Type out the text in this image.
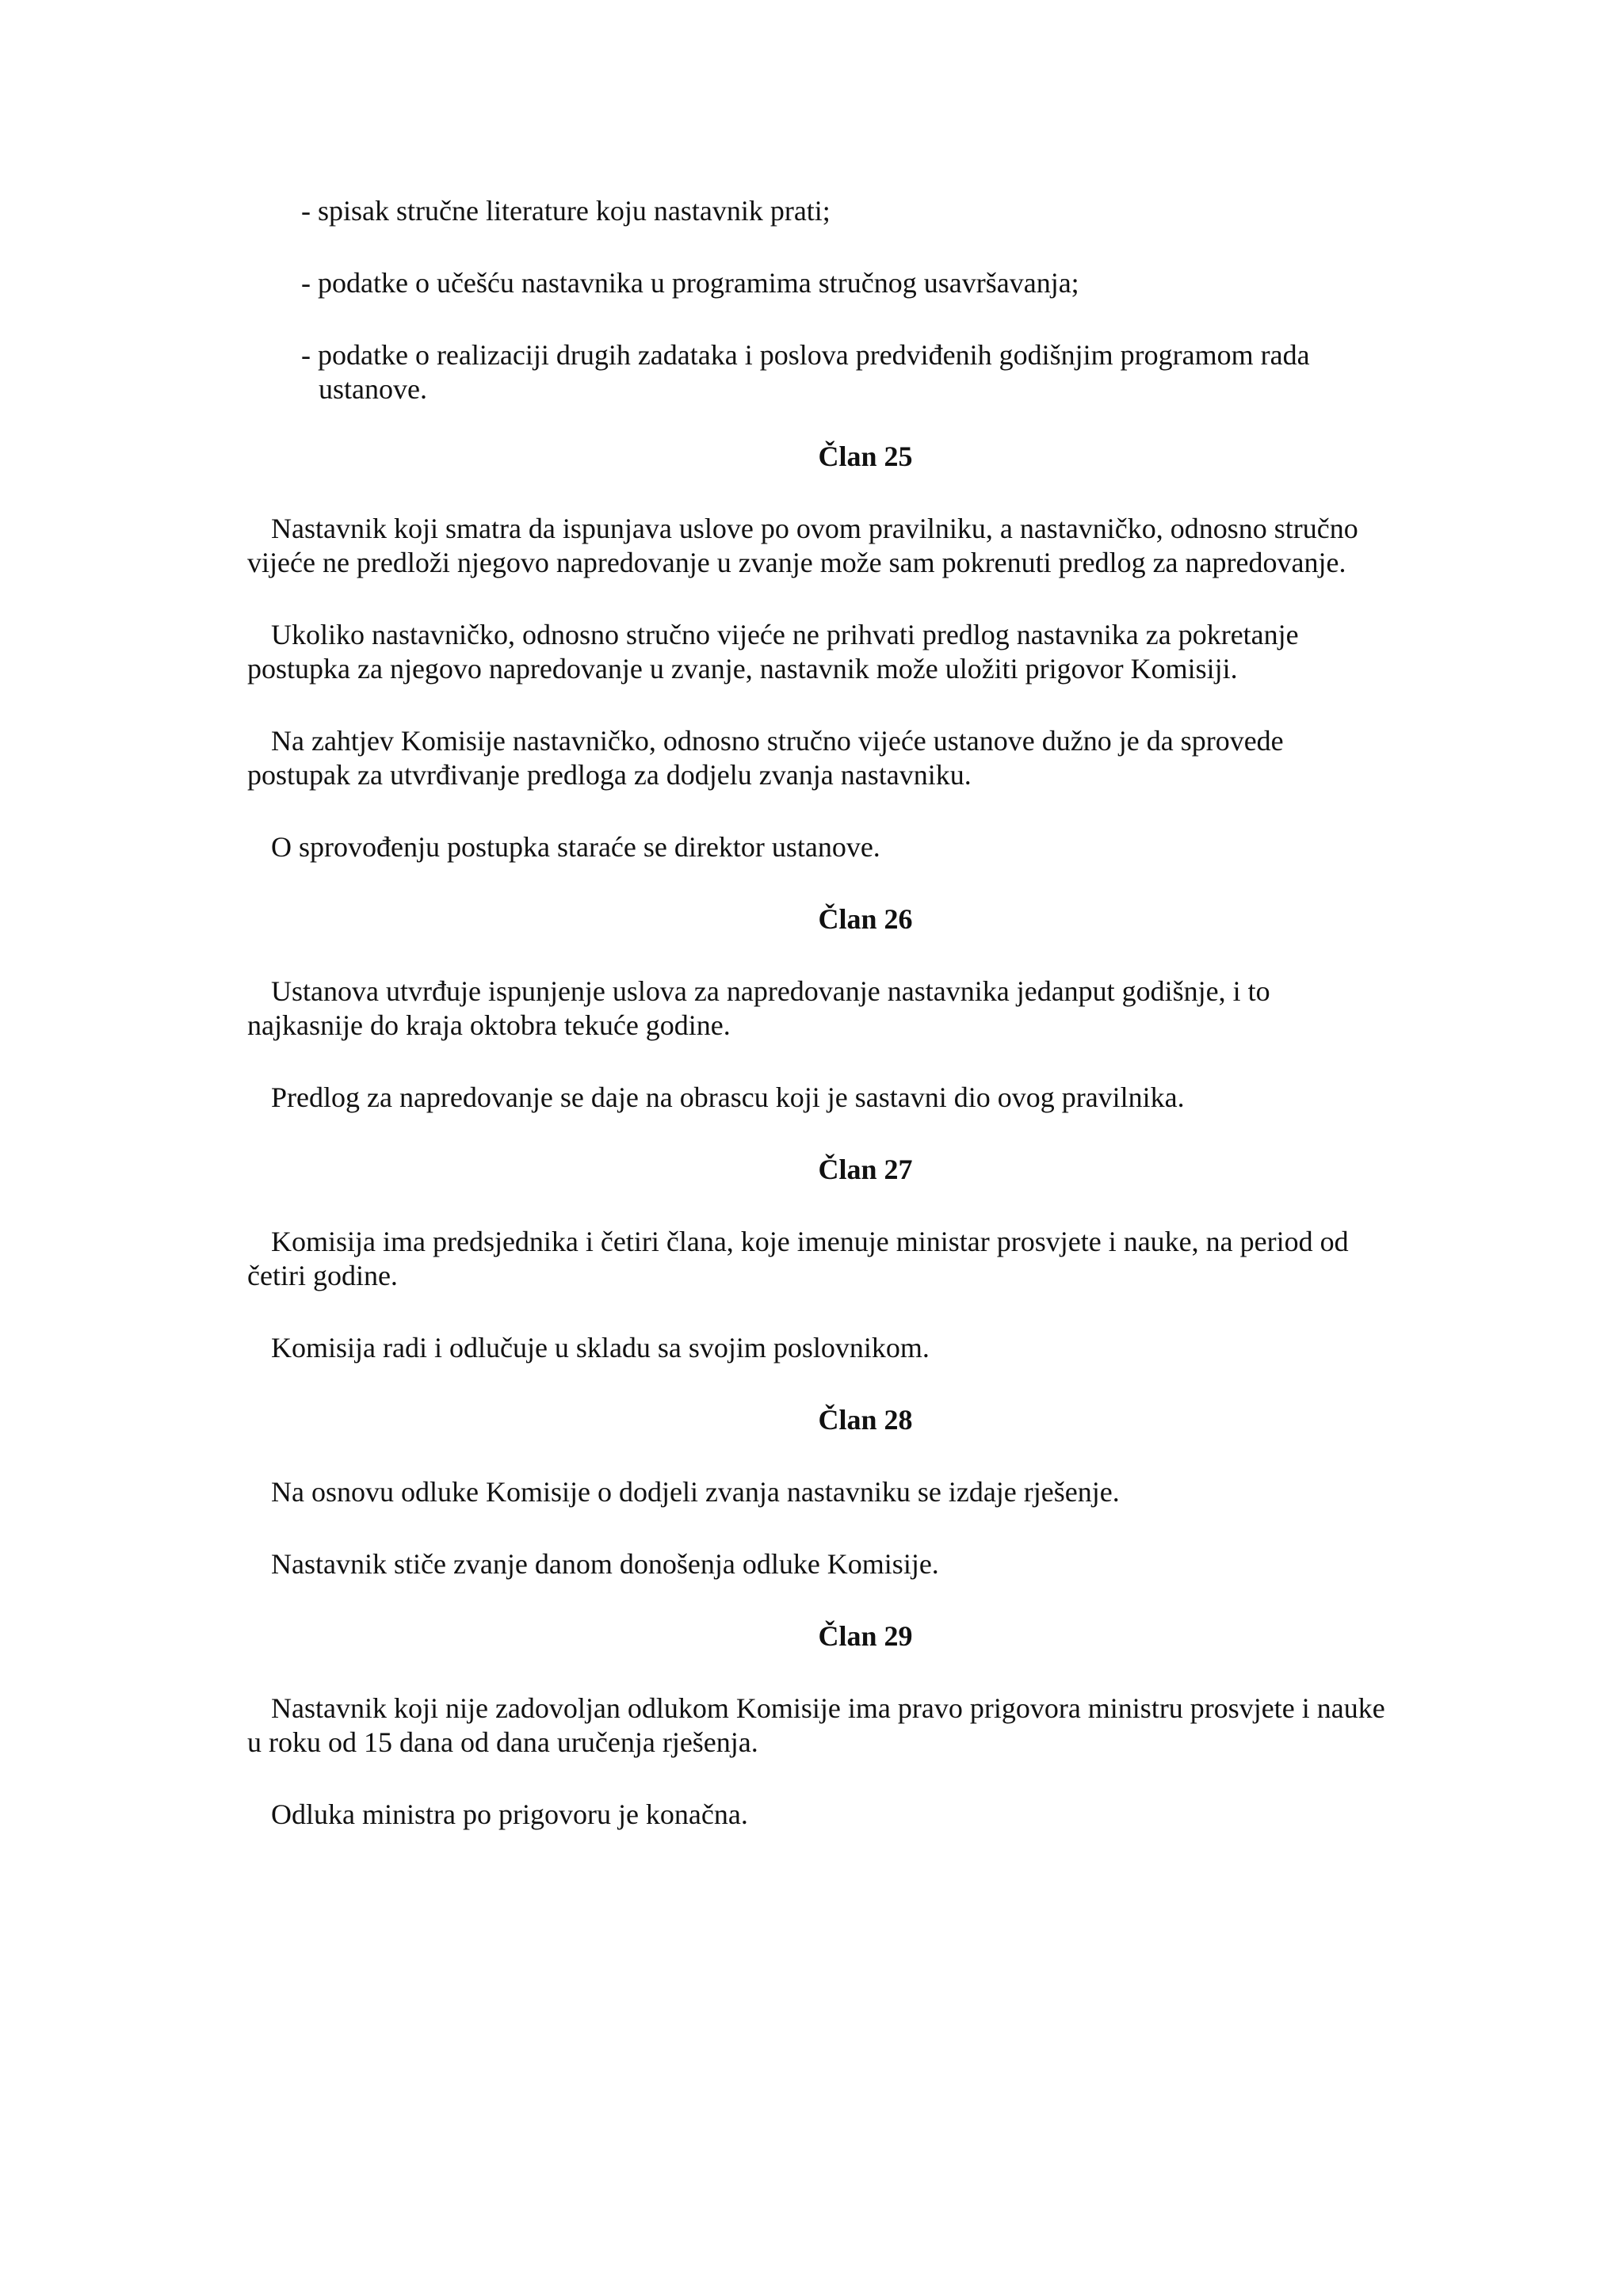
- spisak stručne literature koju nastavnik prati;

- podatke o učešću nastavnika u programima stručnog usavršavanja;

- podatke o realizaciji drugih zadataka i poslova predviđenih godišnjim programom rada ustanove.

Član 25

Nastavnik koji smatra da ispunjava uslove po ovom pravilniku, a nastavničko, odnosno stručno vijeće ne predloži njegovo napredovanje u zvanje može sam pokrenuti predlog za napredovanje.

Ukoliko nastavničko, odnosno stručno vijeće ne prihvati predlog nastavnika za pokretanje postupka za njegovo napredovanje u zvanje, nastavnik može uložiti prigovor Komisiji.

Na zahtjev Komisije nastavničko, odnosno stručno vijeće ustanove dužno je da sprovede postupak za utvrđivanje predloga za dodjelu zvanja nastavniku.

O sprovođenju postupka staraće se direktor ustanove.

Član 26

Ustanova utvrđuje ispunjenje uslova za napredovanje nastavnika jedanput godišnje, i to najkasnije do kraja oktobra tekuće godine.

Predlog za napredovanje se daje na obrascu koji je sastavni dio ovog pravilnika.

Član 27

Komisija ima predsjednika i četiri člana, koje imenuje ministar prosvjete i nauke, na period od četiri godine.

Komisija radi i odlučuje u skladu sa svojim poslovnikom.

Član 28

Na osnovu odluke Komisije o dodjeli zvanja nastavniku se izdaje rješenje.

Nastavnik stiče zvanje danom donošenja odluke Komisije.

Član 29

Nastavnik koji nije zadovoljan odlukom Komisije ima pravo prigovora ministru prosvjete i nauke u roku od 15 dana od dana uručenja rješenja.

Odluka ministra po prigovoru je konačna.
